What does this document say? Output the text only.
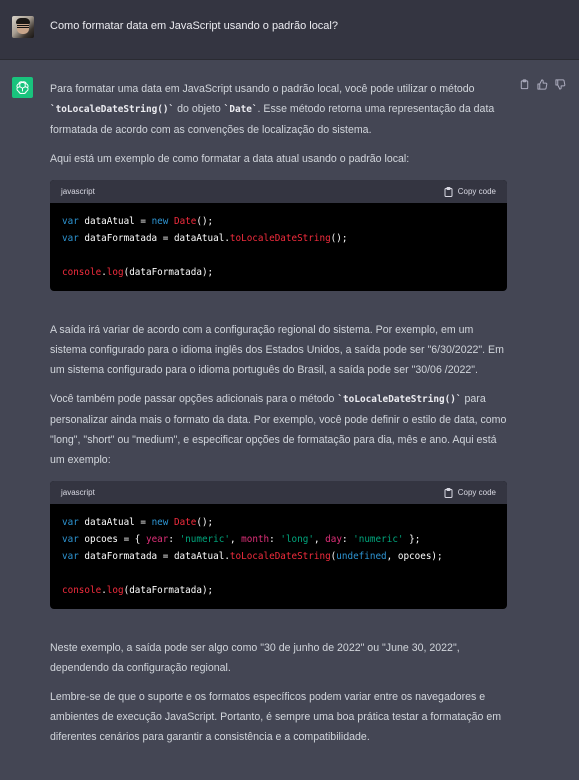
Como formatar data em JavaScript usando o padrão local?

Para formatar uma data em JavaScript usando o padrão local, você pode utilizar o método `toLocaleDateString()` do objeto `Date`. Esse método retorna uma representação da data formatada de acordo com as convenções de localização do sistema.

Aqui está um exemplo de como formatar a data atual usando o padrão local:

javascript	Copy code
var dataAtual = new Date();
var dataFormatada = dataAtual.toLocaleDateString();

console.log(dataFormatada);

A saída irá variar de acordo com a configuração regional do sistema. Por exemplo, em um sistema configurado para o idioma inglês dos Estados Unidos, a saída pode ser "6/30/2022". Em um sistema configurado para o idioma português do Brasil, a saída pode ser "30/06 /2022".

Você também pode passar opções adicionais para o método `toLocaleDateString()` para personalizar ainda mais o formato da data. Por exemplo, você pode definir o estilo de data, como "long", "short" ou "medium", e especificar opções de formatação para dia, mês e ano. Aqui está um exemplo:

javascript	Copy code
var dataAtual = new Date();
var opcoes = { year: 'numeric', month: 'long', day: 'numeric' };
var dataFormatada = dataAtual.toLocaleDateString(undefined, opcoes);

console.log(dataFormatada);

Neste exemplo, a saída pode ser algo como "30 de junho de 2022" ou "June 30, 2022", dependendo da configuração regional.

Lembre-se de que o suporte e os formatos específicos podem variar entre os navegadores e ambientes de execução JavaScript. Portanto, é sempre uma boa prática testar a formatação em diferentes cenários para garantir a consistência e a compatibilidade.
